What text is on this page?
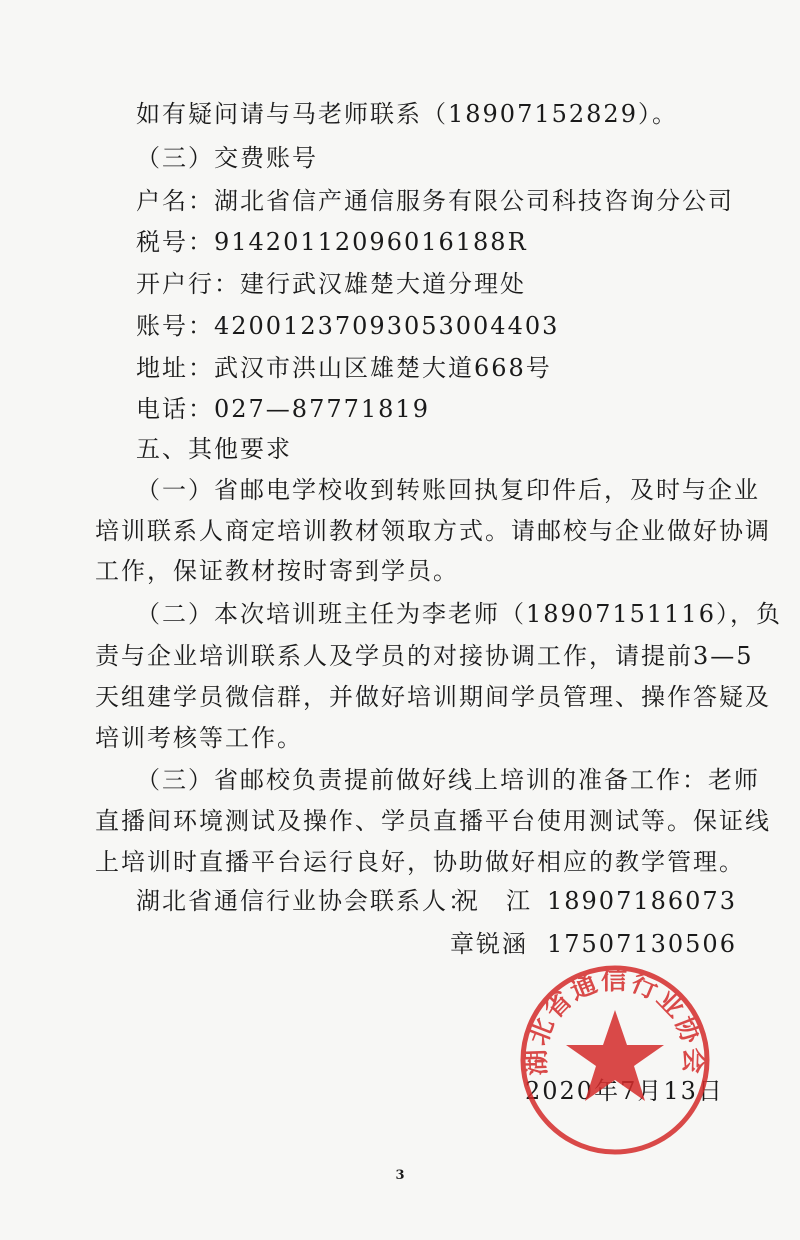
如有疑问请与马老师联系（18907152829）。
（三）交费账号
户名：湖北省信产通信服务有限公司科技咨询分公司
税号：91420112096016188R
开户行：建行武汉雄楚大道分理处
账号：42001237093053004403
地址：武汉市洪山区雄楚大道668号
电话：027—87771819
五、其他要求
（一）省邮电学校收到转账回执复印件后，及时与企业
培训联系人商定培训教材领取方式。请邮校与企业做好协调
工作，保证教材按时寄到学员。
（二）本次培训班主任为李老师（18907151116），负
责与企业培训联系人及学员的对接协调工作，请提前3—5
天组建学员微信群，并做好培训期间学员管理、操作答疑及
培训考核等工作。
（三）省邮校负责提前做好线上培训的准备工作：老师
直播间环境测试及操作、学员直播平台使用测试等。保证线
上培训时直播平台运行良好，协助做好相应的教学管理。
湖北省通信行业协会联系人：
祝　江 18907186073
章锐涵 17507130506
2020年7月13日
湖北省通信行业协会
3
